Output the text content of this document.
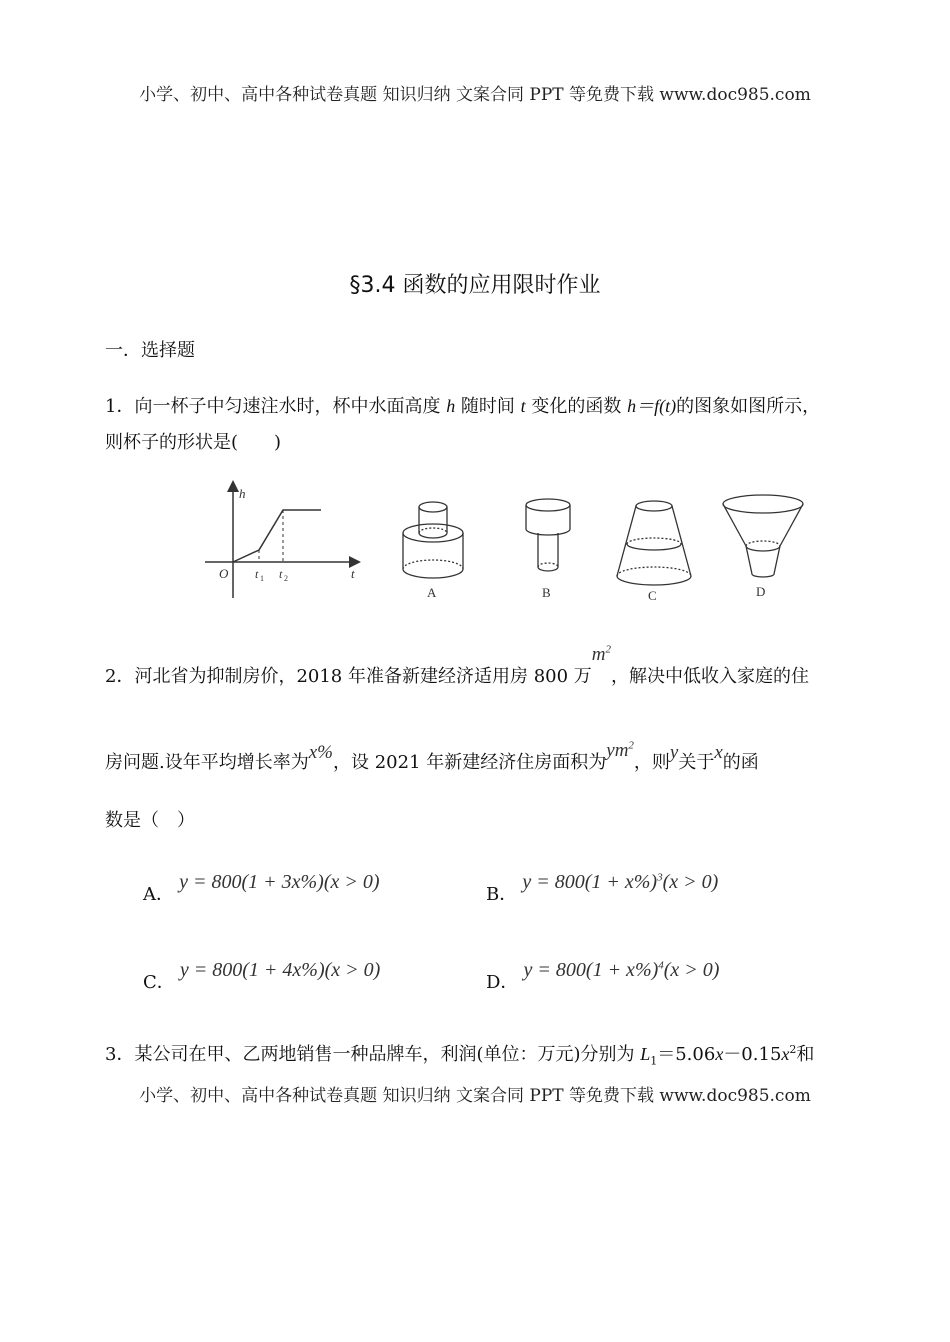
小学、初中、高中各种试卷真题 知识归纳 文案合同 PPT 等免费下载 www.doc985.com
§3.4 函数的应用限时作业
一．选择题
1．向一杯子中匀速注水时，杯中水面高度 h 随时间 t 变化的函数 h＝f(t)的图象如图所示，
则杯子的形状是(　　)
h
t
O t 1 t 2
A	B	C	D
2．河北省为抑制房价，2018 年准备新建经济适用房 800 万$m^2$，解决中低收入家庭的住
房问题.设年平均增长率为x%，设 2021 年新建经济住房面积为$ym^2$，则y关于x的函
数是（　）
A． y = 800(1 + 3x%)(x > 0)
B． $y = 800(1 + x\%)^3(x > 0)$
C． y = 800(1 + 4x%)(x > 0)
D． $y = 800(1 + x\%)^4(x > 0)$
3．某公司在甲、乙两地销售一种品牌车，利润(单位：万元)分别为 $L_1=5.06x-0.15x^2$和
小学、初中、高中各种试卷真题 知识归纳 文案合同 PPT 等免费下载 www.doc985.com
